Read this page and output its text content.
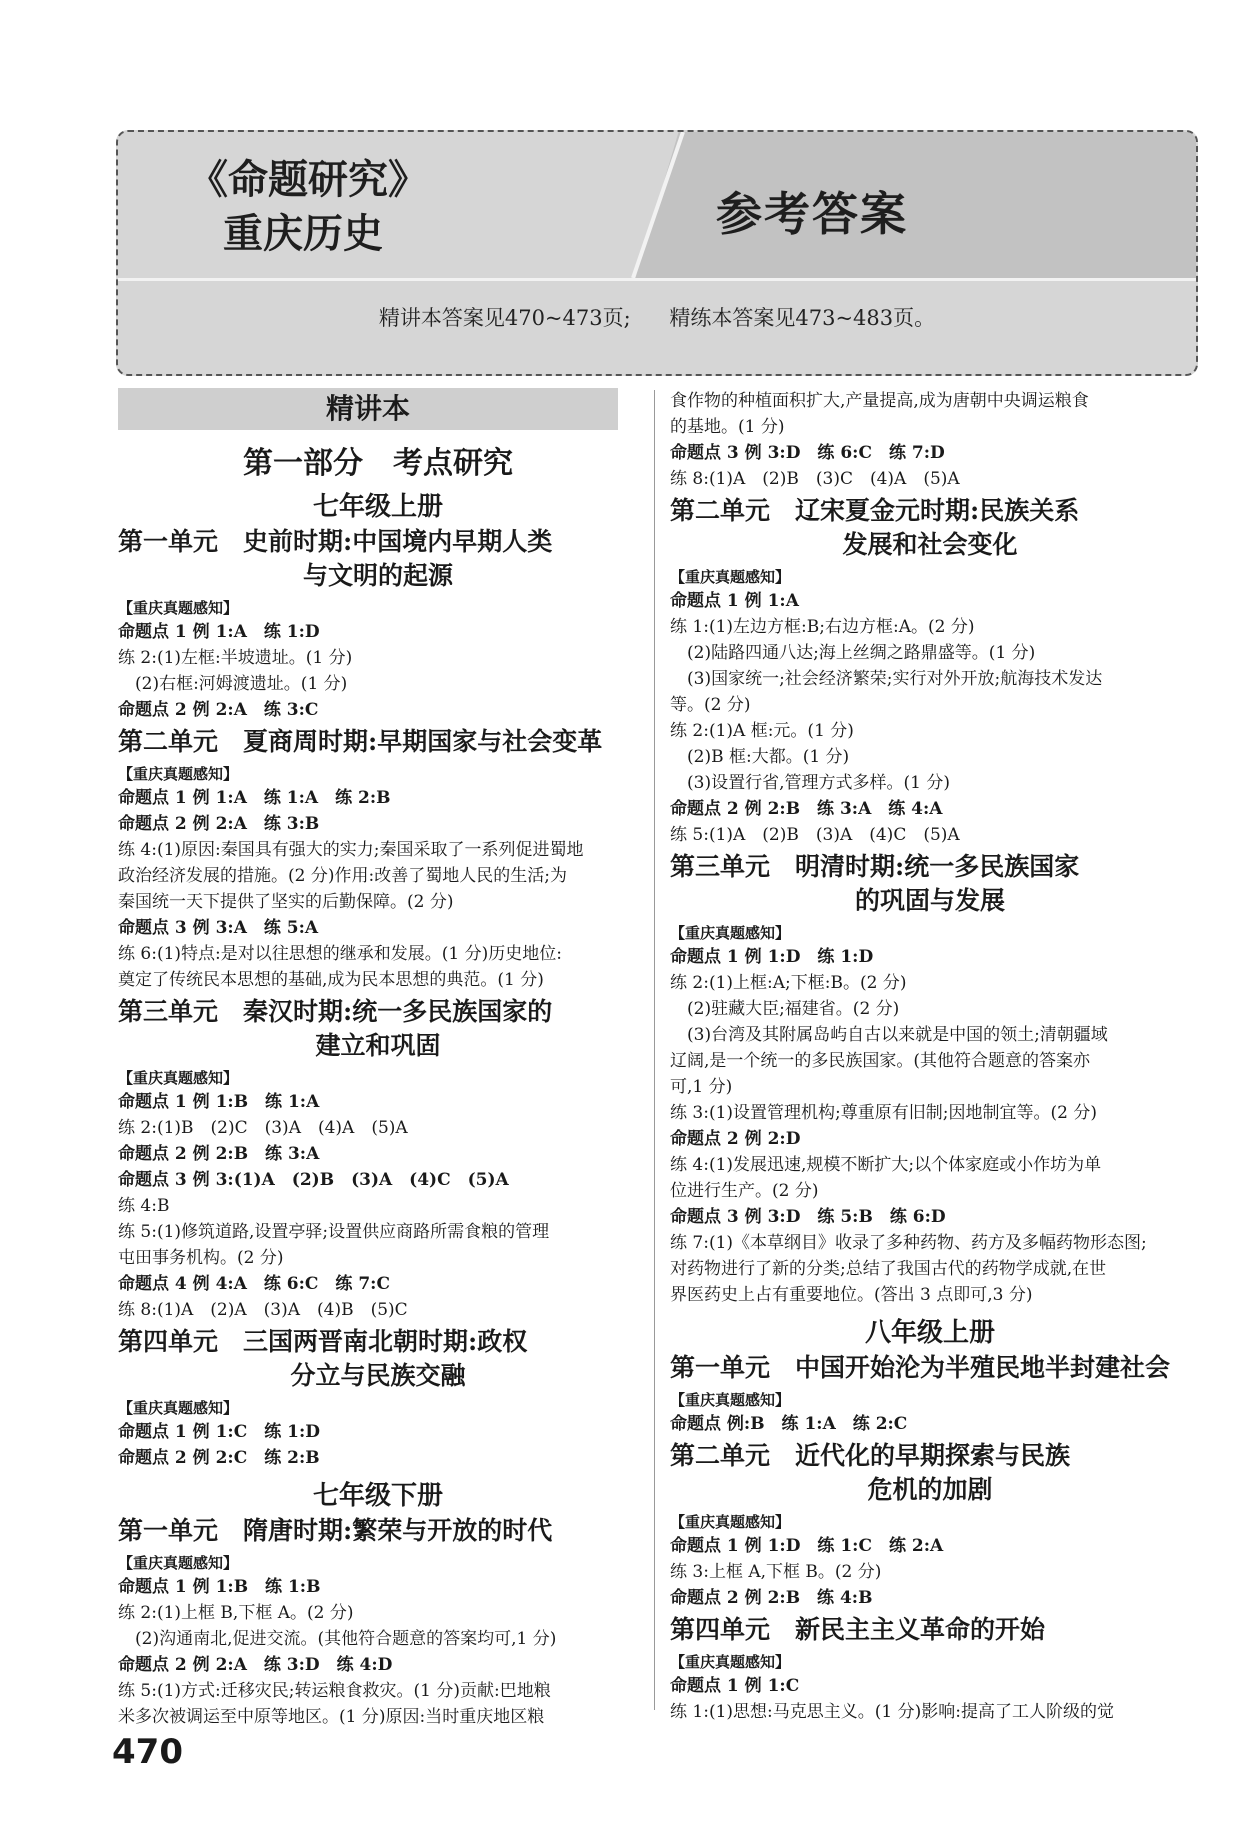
《命题研究》
重庆历史	参考答案
精讲本答案见470~473页; 精练本答案见473~483页。
精讲本
第一部分　考点研究
七年级上册
第一单元　史前时期:中国境内早期人类
与文明的起源
【重庆真题感知】
命题点 1 例 1:A　练 1:D
练 2:(1)左框:半坡遗址。(1 分)
　(2)右框:河姆渡遗址。(1 分)
命题点 2 例 2:A　练 3:C
第二单元　夏商周时期:早期国家与社会变革
【重庆真题感知】
命题点 1 例 1:A　练 1:A　练 2:B
命题点 2 例 2:A　练 3:B
练 4:(1)原因:秦国具有强大的实力;秦国采取了一系列促进蜀地
政治经济发展的措施。(2 分)作用:改善了蜀地人民的生活;为
秦国统一天下提供了坚实的后勤保障。(2 分)
命题点 3 例 3:A　练 5:A
练 6:(1)特点:是对以往思想的继承和发展。(1 分)历史地位:
奠定了传统民本思想的基础,成为民本思想的典范。(1 分)
第三单元　秦汉时期:统一多民族国家的
建立和巩固
【重庆真题感知】
命题点 1 例 1:B　练 1:A
练 2:(1)B　(2)C　(3)A　(4)A　(5)A
命题点 2 例 2:B　练 3:A
命题点 3 例 3:(1)A　(2)B　(3)A　(4)C　(5)A
练 4:B
练 5:(1)修筑道路,设置亭驿;设置供应商路所需食粮的管理
屯田事务机构。(2 分)
命题点 4 例 4:A　练 6:C　练 7:C
练 8:(1)A　(2)A　(3)A　(4)B　(5)C
第四单元　三国两晋南北朝时期:政权
分立与民族交融
【重庆真题感知】
命题点 1 例 1:C　练 1:D
命题点 2 例 2:C　练 2:B
七年级下册
第一单元　隋唐时期:繁荣与开放的时代
【重庆真题感知】
命题点 1 例 1:B　练 1:B
练 2:(1)上框 B,下框 A。(2 分)
　(2)沟通南北,促进交流。(其他符合题意的答案均可,1 分)
命题点 2 例 2:A　练 3:D　练 4:D
练 5:(1)方式:迁移灾民;转运粮食救灾。(1 分)贡献:巴地粮
米多次被调运至中原等地区。(1 分)原因:当时重庆地区粮
食作物的种植面积扩大,产量提高,成为唐朝中央调运粮食
的基地。(1 分)
命题点 3 例 3:D　练 6:C　练 7:D
练 8:(1)A　(2)B　(3)C　(4)A　(5)A
第二单元　辽宋夏金元时期:民族关系
发展和社会变化
【重庆真题感知】
命题点 1 例 1:A
练 1:(1)左边方框:B;右边方框:A。(2 分)
　(2)陆路四通八达;海上丝绸之路鼎盛等。(1 分)
　(3)国家统一;社会经济繁荣;实行对外开放;航海技术发达
等。(2 分)
练 2:(1)A 框:元。(1 分)
　(2)B 框:大都。(1 分)
　(3)设置行省,管理方式多样。(1 分)
命题点 2 例 2:B　练 3:A　练 4:A
练 5:(1)A　(2)B　(3)A　(4)C　(5)A
第三单元　明清时期:统一多民族国家
的巩固与发展
【重庆真题感知】
命题点 1 例 1:D　练 1:D
练 2:(1)上框:A;下框:B。(2 分)
　(2)驻藏大臣;福建省。(2 分)
　(3)台湾及其附属岛屿自古以来就是中国的领土;清朝疆域
辽阔,是一个统一的多民族国家。(其他符合题意的答案亦
可,1 分)
练 3:(1)设置管理机构;尊重原有旧制;因地制宜等。(2 分)
命题点 2 例 2:D
练 4:(1)发展迅速,规模不断扩大;以个体家庭或小作坊为单
位进行生产。(2 分)
命题点 3 例 3:D　练 5:B　练 6:D
练 7:(1)《本草纲目》收录了多种药物、药方及多幅药物形态图;
对药物进行了新的分类;总结了我国古代的药物学成就,在世
界医药史上占有重要地位。(答出 3 点即可,3 分)
八年级上册
第一单元　中国开始沦为半殖民地半封建社会
【重庆真题感知】
命题点 例:B　练 1:A　练 2:C
第二单元　近代化的早期探索与民族
危机的加剧
【重庆真题感知】
命题点 1 例 1:D　练 1:C　练 2:A
练 3:上框 A,下框 B。(2 分)
命题点 2 例 2:B　练 4:B
第四单元　新民主主义革命的开始
【重庆真题感知】
命题点 1 例 1:C
练 1:(1)思想:马克思主义。(1 分)影响:提高了工人阶级的觉
470
